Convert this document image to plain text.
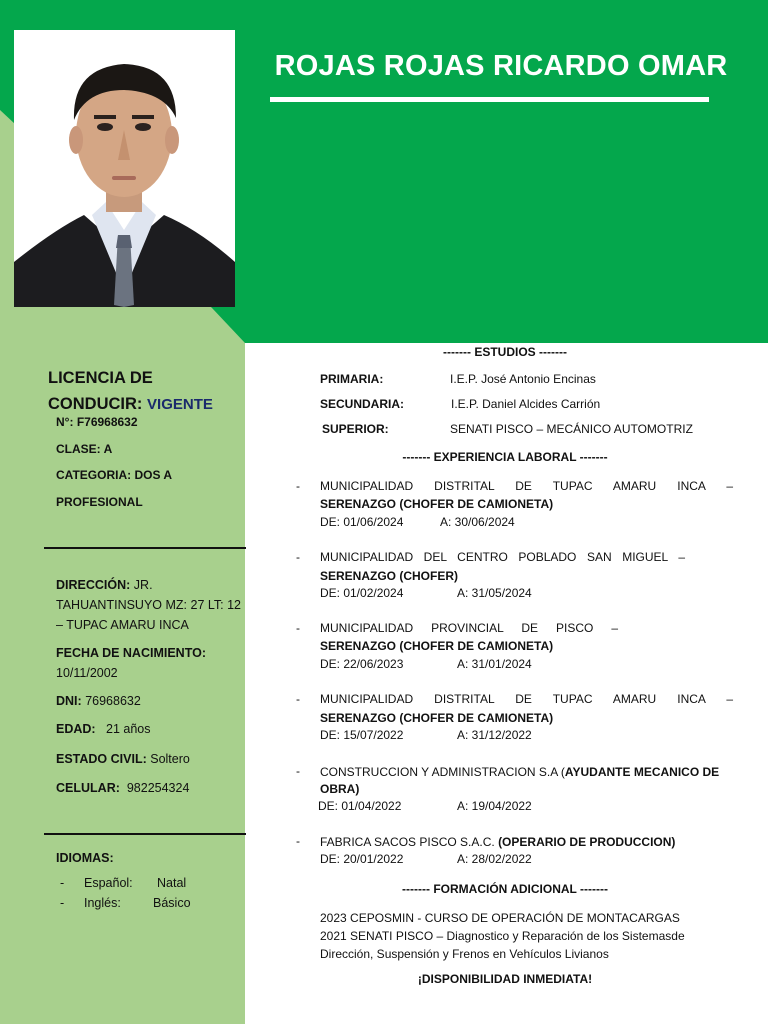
ROJAS ROJAS RICARDO OMAR
LICENCIA DE CONDUCIR: VIGENTE
N°: F76968632
CLASE: A
CATEGORIA: DOS A
PROFESIONAL
DIRECCIÓN: JR. TAHUANTINSUYO MZ: 27 LT: 12 – TUPAC AMARU INCA
FECHA DE NACIMIENTO:
10/11/2002
DNI: 76968632
EDAD: 21 años
ESTADO CIVIL: Soltero
CELULAR: 982254324
IDIOMAS:
- Español: Natal
- Inglés:	Básico
------- ESTUDIOS -------
PRIMARIA:	I.E.P. José Antonio Encinas
SECUNDARIA:	I.E.P. Daniel Alcides Carrión
SUPERIOR:	SENATI PISCO – MECÁNICO AUTOMOTRIZ
------- EXPERIENCIA LABORAL -------
- MUNICIPALIDAD DISTRITAL DE TUPAC AMARU INCA –
SERENAZGO (CHOFER DE CAMIONETA)
DE: 01/06/2024	A: 30/06/2024
- MUNICIPALIDAD DEL CENTRO POBLADO SAN MIGUEL –
SERENAZGO (CHOFER)
DE: 01/02/2024	A: 31/05/2024
- MUNICIPALIDAD PROVINCIAL DE PISCO –
SERENAZGO (CHOFER DE CAMIONETA)
DE: 22/06/2023	A: 31/01/2024
- MUNICIPALIDAD DISTRITAL DE TUPAC AMARU INCA –
SERENAZGO (CHOFER DE CAMIONETA)
DE: 15/07/2022	A: 31/12/2022
- CONSTRUCCION Y ADMINISTRACION S.A (AYUDANTE MECANICO DE
OBRA)
DE: 01/04/2022	A: 19/04/2022
- FABRICA SACOS PISCO S.A.C. (OPERARIO DE PRODUCCION)
DE: 20/01/2022	A: 28/02/2022
------- FORMACIÓN ADICIONAL -------
2023 CEPOSMIN - CURSO DE OPERACIÓN DE MONTACARGAS
2021 SENATI PISCO – Diagnostico y Reparación de los Sistemasde
Dirección, Suspensión y Frenos en Vehículos Livianos
¡DISPONIBILIDAD INMEDIATA!
